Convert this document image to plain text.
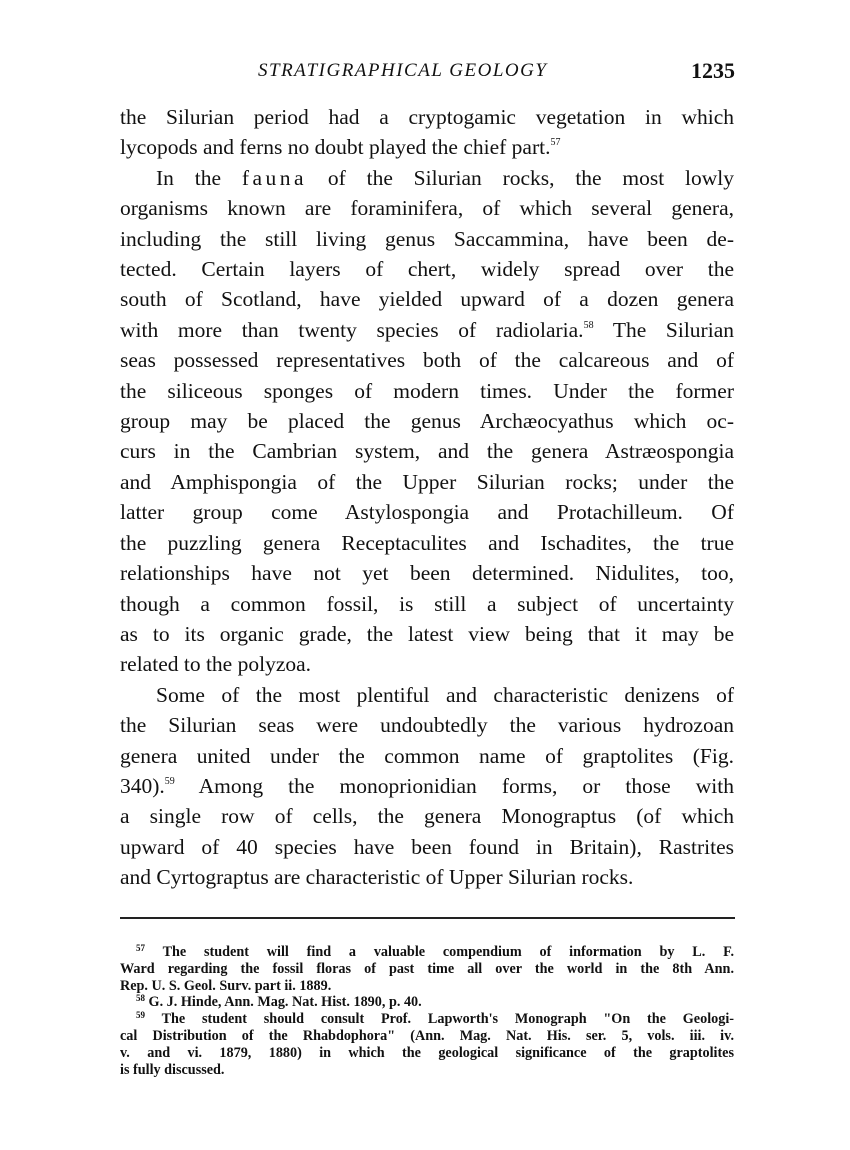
STRATIGRAPHICAL GEOLOGY	1235
the Silurian period had a cryptogamic vegetation in which
lycopods and ferns no doubt played the chief part.$^{57}$
In the fauna of the Silurian rocks, the most lowly
organisms known are foraminifera, of which several genera,
including the still living genus Saccammina, have been de-
tected. Certain layers of chert, widely spread over the
south of Scotland, have yielded upward of a dozen genera
with more than twenty species of radiolaria.$^{58}$ The Silurian
seas possessed representatives both of the calcareous and of
the siliceous sponges of modern times. Under the former
group may be placed the genus Archæocyathus which oc-
curs in the Cambrian system, and the genera Astræospongia
and Amphispongia of the Upper Silurian rocks; under the
latter group come Astylospongia and Protachilleum. Of
the puzzling genera Receptaculites and Ischadites, the true
relationships have not yet been determined. Nidulites, too,
though a common fossil, is still a subject of uncertainty
as to its organic grade, the latest view being that it may be
related to the polyzoa.
Some of the most plentiful and characteristic denizens of
the Silurian seas were undoubtedly the various hydrozoan
genera united under the common name of graptolites (Fig.
340).$^{59}$ Among the monoprionidian forms, or those with
a single row of cells, the genera Monograptus (of which
upward of 40 species have been found in Britain), Rastrites
and Cyrtograptus are characteristic of Upper Silurian rocks.
$^{57}$ The student will find a valuable compendium of information by L. F.
Ward regarding the fossil floras of past time all over the world in the 8th Ann.
Rep. U. S. Geol. Surv. part ii. 1889.
$^{58}$ G. J. Hinde, Ann. Mag. Nat. Hist. 1890, p. 40.
$^{59}$ The student should consult Prof. Lapworth's Monograph "On the Geologi-
cal Distribution of the Rhabdophora" (Ann. Mag. Nat. His. ser. 5, vols. iii. iv.
v. and vi. 1879, 1880) in which the geological significance of the graptolites
is fully discussed.
